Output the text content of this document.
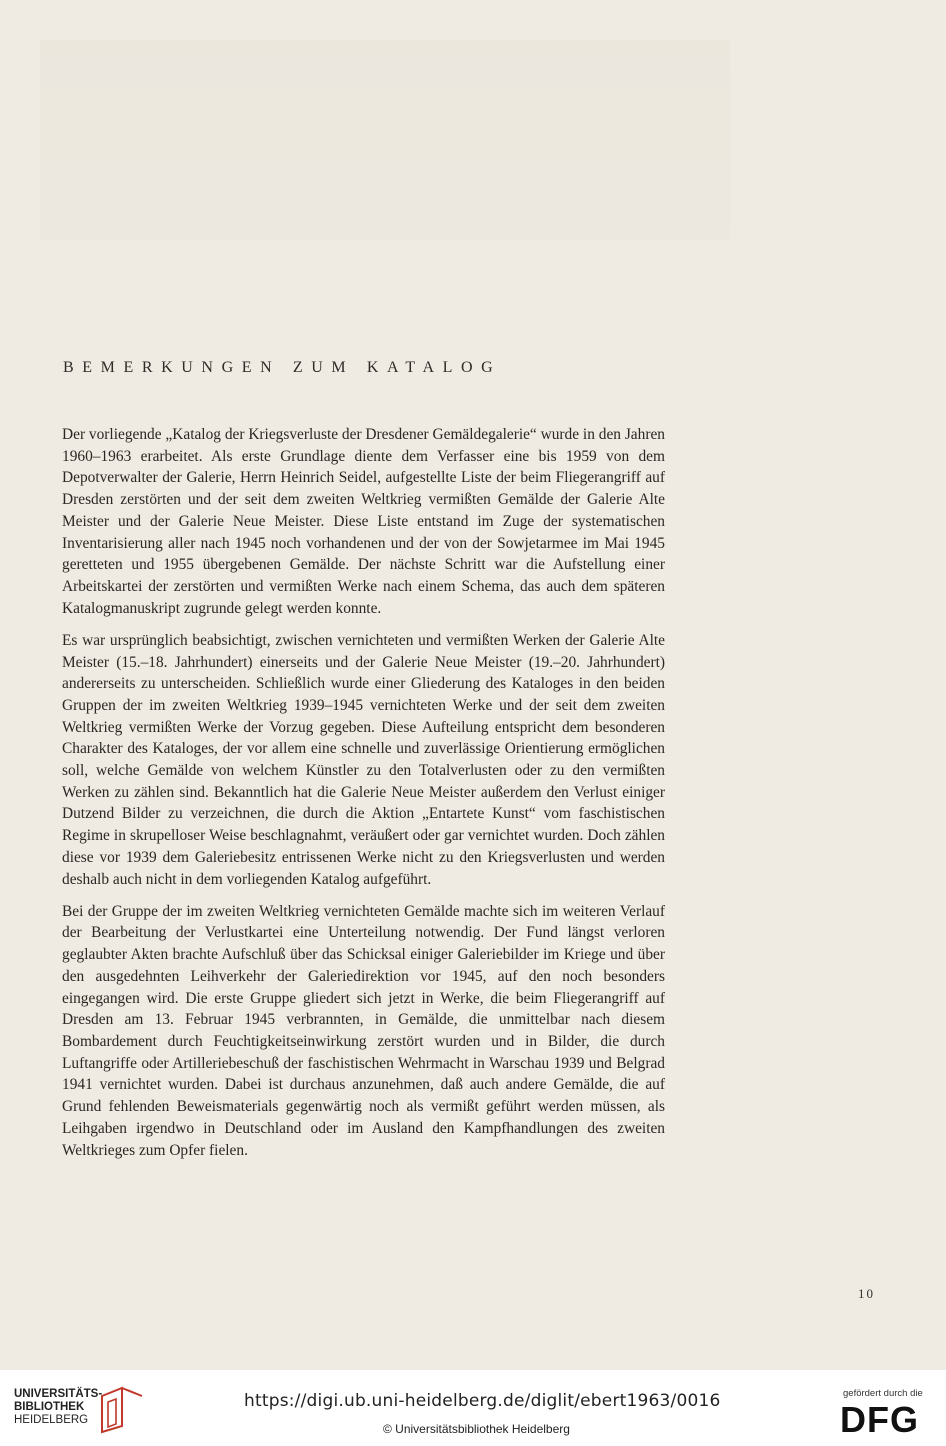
BEMERKUNGEN ZUM KATALOG

Der vorliegende „Katalog der Kriegsverluste der Dresdener Gemäldegalerie“ wurde in den Jahren 1960–1963 erarbeitet. Als erste Grundlage diente dem Verfasser eine bis 1959 von dem Depotverwalter der Galerie, Herrn Heinrich Seidel, aufgestellte Liste der beim Fliegerangriff auf Dresden zerstörten und der seit dem zweiten Weltkrieg vermißten Gemälde der Galerie Alte Meister und der Galerie Neue Meister. Diese Liste entstand im Zuge der systematischen Inventarisierung aller nach 1945 noch vorhandenen und der von der Sowjetarmee im Mai 1945 geretteten und 1955 übergebenen Gemälde. Der nächste Schritt war die Aufstellung einer Arbeitskartei der zerstörten und vermißten Werke nach einem Schema, das auch dem späteren Katalogmanuskript zugrunde gelegt werden konnte.

Es war ursprünglich beabsichtigt, zwischen vernichteten und vermißten Werken der Galerie Alte Meister (15.–18. Jahrhundert) einerseits und der Galerie Neue Meister (19.–20. Jahrhundert) andererseits zu unterscheiden. Schließlich wurde einer Gliederung des Kataloges in den beiden Gruppen der im zweiten Weltkrieg 1939–1945 vernichteten Werke und der seit dem zweiten Weltkrieg vermißten Werke der Vorzug gegeben. Diese Aufteilung entspricht dem besonderen Charakter des Kataloges, der vor allem eine schnelle und zuverlässige Orientierung ermöglichen soll, welche Gemälde von welchem Künstler zu den Totalverlusten oder zu den vermißten Werken zu zählen sind. Bekanntlich hat die Galerie Neue Meister außerdem den Verlust einiger Dutzend Bilder zu verzeichnen, die durch die Aktion „Entartete Kunst“ vom faschistischen Regime in skrupelloser Weise beschlagnahmt, veräußert oder gar vernichtet wurden. Doch zählen diese vor 1939 dem Galeriebesitz entrissenen Werke nicht zu den Kriegsverlusten und werden deshalb auch nicht in dem vorliegenden Katalog aufgeführt.

Bei der Gruppe der im zweiten Weltkrieg vernichteten Gemälde machte sich im weiteren Verlauf der Bearbeitung der Verlustkartei eine Unterteilung notwendig. Der Fund längst verloren geglaubter Akten brachte Aufschluß über das Schicksal einiger Galeriebilder im Kriege und über den ausgedehnten Leihverkehr der Galeriedirektion vor 1945, auf den noch besonders eingegangen wird. Die erste Gruppe gliedert sich jetzt in Werke, die beim Fliegerangriff auf Dresden am 13. Februar 1945 verbrannten, in Gemälde, die unmittelbar nach diesem Bombardement durch Feuchtigkeitseinwirkung zerstört wurden und in Bilder, die durch Luftangriffe oder Artilleriebeschuß der faschistischen Wehrmacht in Warschau 1939 und Belgrad 1941 vernichtet wurden. Dabei ist durchaus anzunehmen, daß auch andere Gemälde, die auf Grund fehlenden Beweismaterials gegenwärtig noch als vermißt geführt werden müssen, als Leihgaben irgendwo in Deutschland oder im Ausland den Kampfhandlungen des zweiten Weltkrieges zum Opfer fielen.

10
UNIVERSITÄTS-
BIBLIOTHEK
HEIDELBERG
https://digi.ub.uni-heidelberg.de/diglit/ebert1963/0016
© Universitätsbibliothek Heidelberg
gefördert durch die
DFG
